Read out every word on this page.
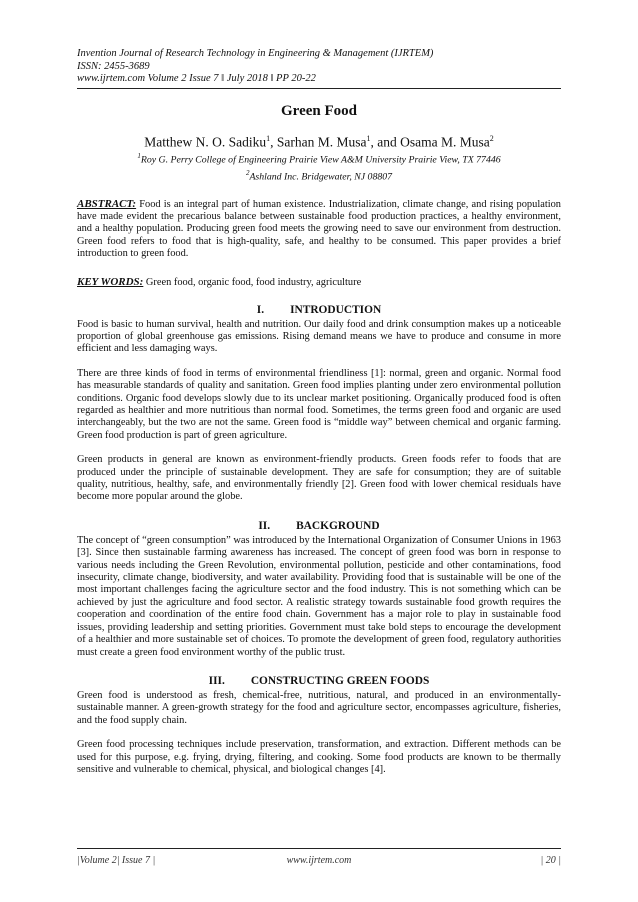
Invention Journal of Research Technology in Engineering & Management (IJRTEM)
ISSN: 2455-3689
www.ijrtem.com Volume 2 Issue 7 ǁ July 2018 ǁ PP 20-22
Green Food
Matthew N. O. Sadiku$^1$, Sarhan M. Musa$^1$, and Osama M. Musa$^2$
$^1$Roy G. Perry College of Engineering Prairie View A&M University Prairie View, TX 77446
$^2$Ashland Inc. Bridgewater, NJ 08807
ABSTRACT: Food is an integral part of human existence. Industrialization, climate change, and rising population have made evident the precarious balance between sustainable food production practices, a healthy environment, and a healthy population. Producing green food meets the growing need to save our environment from destruction. Green food refers to food that is high-quality, safe, and healthy to be consumed. This paper provides a brief introduction to green food.
KEY WORDS: Green food, organic food, food industry, agriculture
I. INTRODUCTION
Food is basic to human survival, health and nutrition. Our daily food and drink consumption makes up a noticeable proportion of global greenhouse gas emissions. Rising demand means we have to produce and consume in more efficient and less damaging ways.
There are three kinds of food in terms of environmental friendliness [1]: normal, green and organic. Normal food has measurable standards of quality and sanitation. Green food implies planting under zero environmental pollution conditions. Organic food develops slowly due to its unclear market positioning. Organically produced food is often regarded as healthier and more nutritious than normal food. Sometimes, the terms green food and organic are used interchangeably, but the two are not the same. Green food is “middle way” between chemical and organic farming. Green food production is part of green agriculture.
Green products in general are known as environment-friendly products. Green foods refer to foods that are produced under the principle of sustainable development. They are safe for consumption; they are of suitable quality, nutritious, healthy, safe, and environmentally friendly [2]. Green food with lower chemical residuals have become more popular around the globe.
II. BACKGROUND
The concept of “green consumption” was introduced by the International Organization of Consumer Unions in 1963 [3]. Since then sustainable farming awareness has increased. The concept of green food was born in response to various needs including the Green Revolution, environmental pollution, pesticide and other contaminations, food insecurity, climate change, biodiversity, and water availability. Providing food that is sustainable will be one of the most important challenges facing the agriculture sector and the food industry. This is not something which can be achieved by just the agriculture and food sector. A realistic strategy towards sustainable food growth requires the cooperation and coordination of the entire food chain. Government has a major role to play in sustainable food issues, providing leadership and setting priorities. Government must take bold steps to encourage the development of a healthier and more sustainable set of choices. To promote the development of green food, regulatory authorities must create a green food environment worthy of the public trust.
III. CONSTRUCTING GREEN FOODS
Green food is understood as fresh, chemical-free, nutritious, natural, and produced in an environmentally-sustainable manner. A green-growth strategy for the food and agriculture sector, encompasses agriculture, fisheries, and the food supply chain.
Green food processing techniques include preservation, transformation, and extraction. Different methods can be used for this purpose, e.g. frying, drying, filtering, and cooking. Some food products are known to be thermally sensitive and vulnerable to chemical, physical, and biological changes [4].
|Volume 2| Issue 7 |	www.ijrtem.com	| 20 |
